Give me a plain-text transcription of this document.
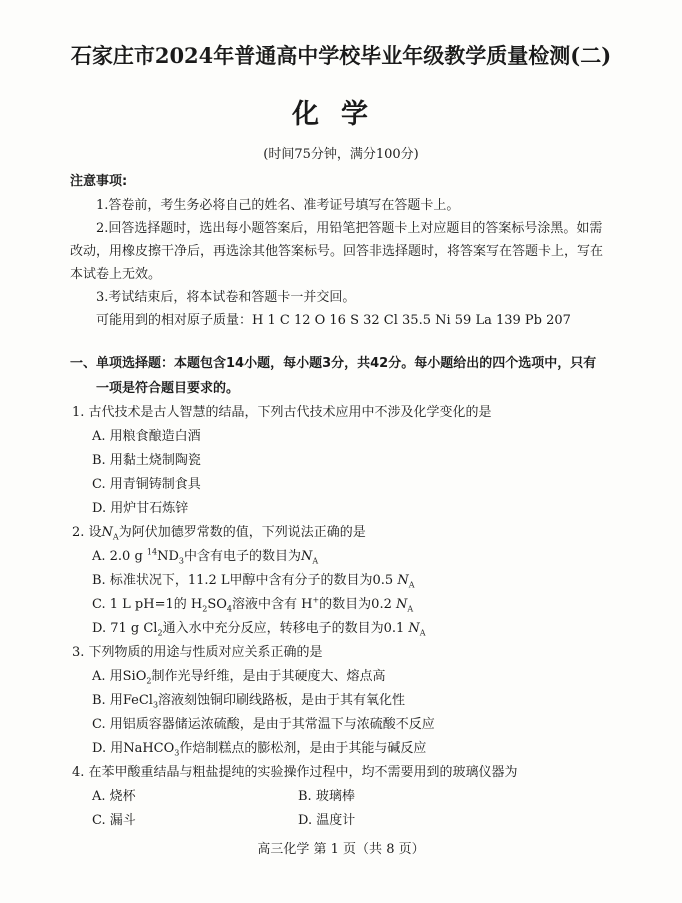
石家庄市2024年普通高中学校毕业年级教学质量检测(二)
化学
(时间75分钟，满分100分)
注意事项:
1.答卷前，考生务必将自己的姓名、准考证号填写在答题卡上。
2.回答选择题时，选出每小题答案后，用铅笔把答题卡上对应题目的答案标号涂黑。如需
改动，用橡皮擦干净后，再选涂其他答案标号。回答非选择题时，将答案写在答题卡上，写在
本试卷上无效。
3.考试结束后，将本试卷和答题卡一并交回。
可能用到的相对原子质量：H 1 C 12 O 16 S 32 Cl 35.5 Ni 59 La 139 Pb 207
一、单项选择题：本题包含14小题，每小题3分，共42分。每小题给出的四个选项中，只有
一项是符合题目要求的。
1. 古代技术是古人智慧的结晶，下列古代技术应用中不涉及化学变化的是
A. 用粮食酿造白酒
B. 用黏土烧制陶瓷
C. 用青铜铸制食具
D. 用炉甘石炼锌
2. 设$N_A$为阿伏加德罗常数的值，下列说法正确的是
A. 2.0 g $^{14}ND_3$中含有电子的数目为$N_A$
B. 标准状况下，11.2 L甲醇中含有分子的数目为0.5 $N_A$
C. 1 L pH=1的 $H_2SO_4$溶液中含有 H+的数目为0.2 $N_A$
D. 71 g $Cl_2$通入水中充分反应，转移电子的数目为0.1 $N_A$
3. 下列物质的用途与性质对应关系正确的是
A. 用SiO$_2$制作光导纤维，是由于其硬度大、熔点高
B. 用FeCl$_3$溶液刻蚀铜印刷线路板，是由于其有氧化性
C. 用铝质容器储运浓硫酸，是由于其常温下与浓硫酸不反应
D. 用NaHCO$_3$作焙制糕点的膨松剂，是由于其能与碱反应
4. 在苯甲酸重结晶与粗盐提纯的实验操作过程中，均不需要用到的玻璃仪器为
A. 烧杯	B. 玻璃棒
C. 漏斗	D. 温度计
高三化学 第 1 页（共 8 页）
